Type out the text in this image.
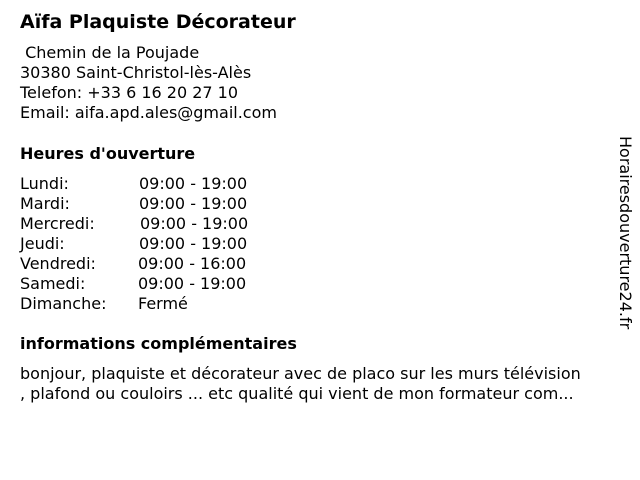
Aïfa Plaquiste Décorateur
Chemin de la Poujade
30380 Saint-Christol-lès-Alès
Telefon: +33 6 16 20 27 10
Email: aifa.apd.ales@gmail.com
Heures d'ouverture
Lundi:	09:00 - 19:00
Mardi:	09:00 - 19:00
Mercredi:	09:00 - 19:00
Jeudi:	09:00 - 19:00
Vendredi:	09:00 - 16:00
Samedi:	09:00 - 19:00
Dimanche: Fermé
informations complémentaires
bonjour, plaquiste et décorateur avec de placo sur les murs télévision
, plafond ou couloirs ... etc qualité qui vient de mon formateur com...
Horairesdouverture24.fr
